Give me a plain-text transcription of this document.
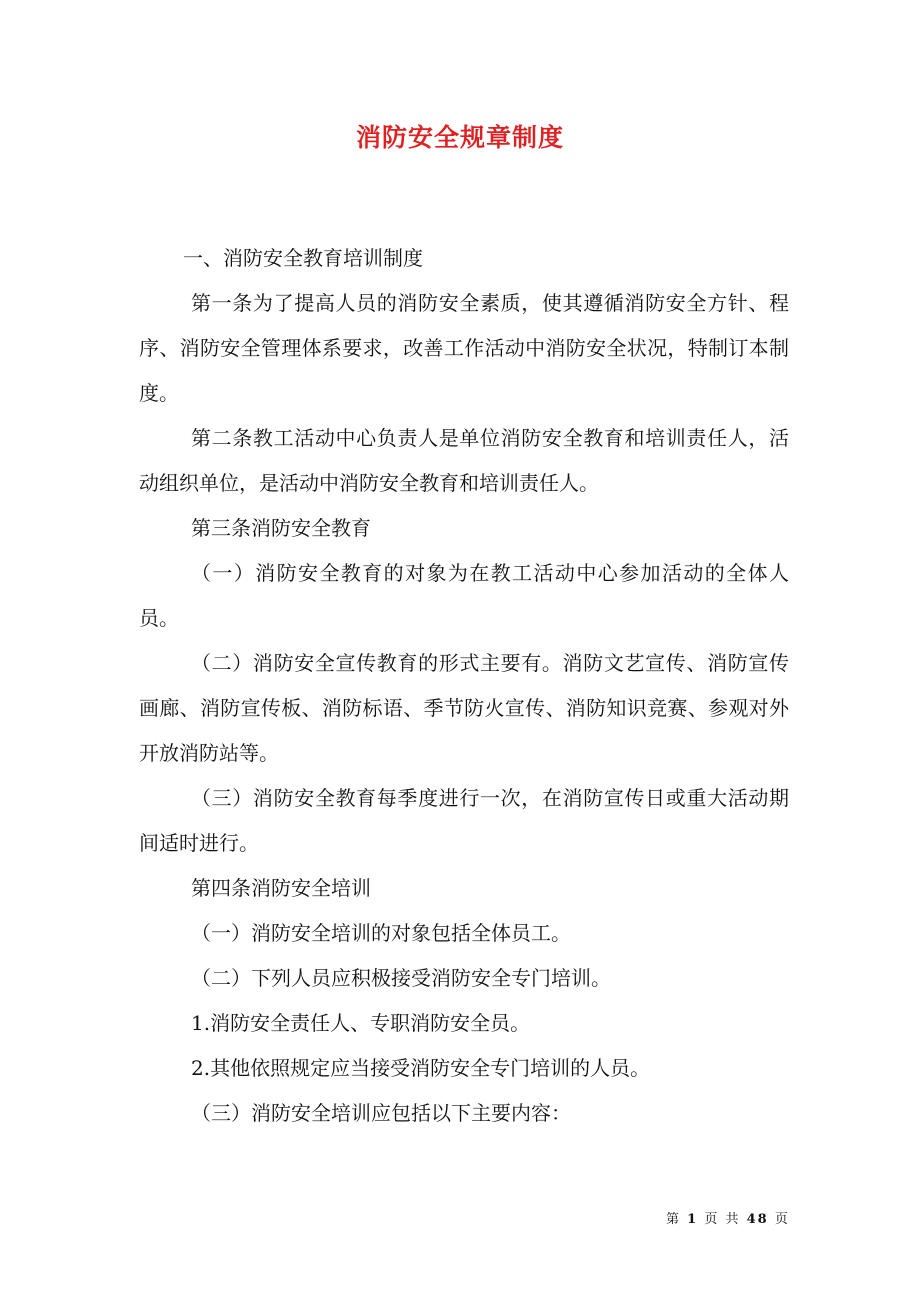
消防安全规章制度

一、消防安全教育培训制度

第一条为了提高人员的消防安全素质，使其遵循消防安全方针、程序、消防安全管理体系要求，改善工作活动中消防安全状况，特制订本制度。

第二条教工活动中心负责人是单位消防安全教育和培训责任人，活动组织单位，是活动中消防安全教育和培训责任人。

第三条消防安全教育

（一）消防安全教育的对象为在教工活动中心参加活动的全体人员。

（二）消防安全宣传教育的形式主要有。消防文艺宣传、消防宣传画廊、消防宣传板、消防标语、季节防火宣传、消防知识竞赛、参观对外开放消防站等。

（三）消防安全教育每季度进行一次，在消防宣传日或重大活动期间适时进行。

第四条消防安全培训

（一）消防安全培训的对象包括全体员工。

（二）下列人员应积极接受消防安全专门培训。

1.消防安全责任人、专职消防安全员。

2.其他依照规定应当接受消防安全专门培训的人员。

（三）消防安全培训应包括以下主要内容：

第 1 页 共 48 页
